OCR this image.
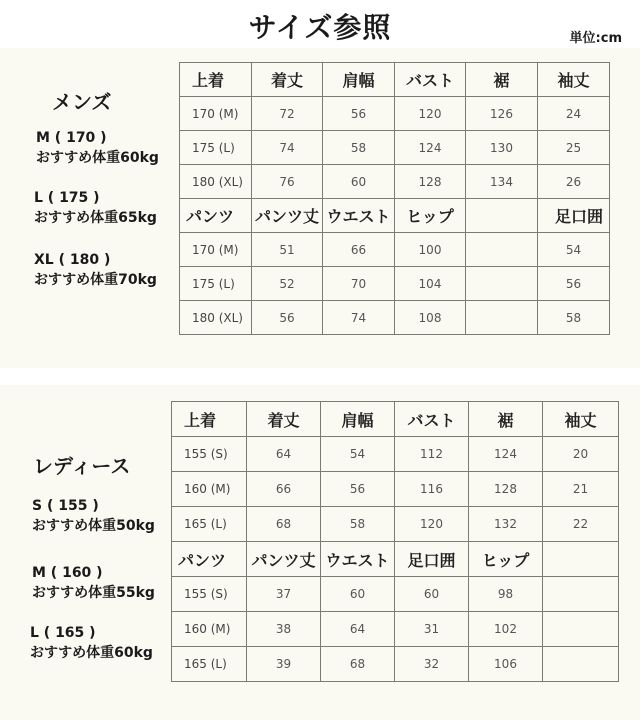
サイズ参照	単位:cm
メンズ
M ( 170 )
おすすめ体重60kg
L ( 175 )
おすすめ体重65kg
XL ( 180 )
おすすめ体重70kg
上着	着丈	肩幅	バスト	裾	袖丈
170 (M)	72	56	120	126	24
175 (L)	74	58	124	130	25
180 (XL)	76	60	128	134	26
パンツ	パンツ丈	ウエスト	ヒップ		足口囲
170 (M)	51	66	100		54
175 (L)	52	70	104		56
180 (XL)	56	74	108		58
レディース
S ( 155 )
おすすめ体重50kg
M ( 160 )
おすすめ体重55kg
L ( 165 )
おすすめ体重60kg
上着	着丈	肩幅	バスト	裾	袖丈
155 (S)	64	54	112	124	20
160 (M)	66	56	116	128	21
165 (L)	68	58	120	132	22
パンツ	パンツ丈	ウエスト	足口囲	ヒップ	
155 (S)	37	60	60	98	
160 (M)	38	64	31	102	
165 (L)	39	68	32	106	
